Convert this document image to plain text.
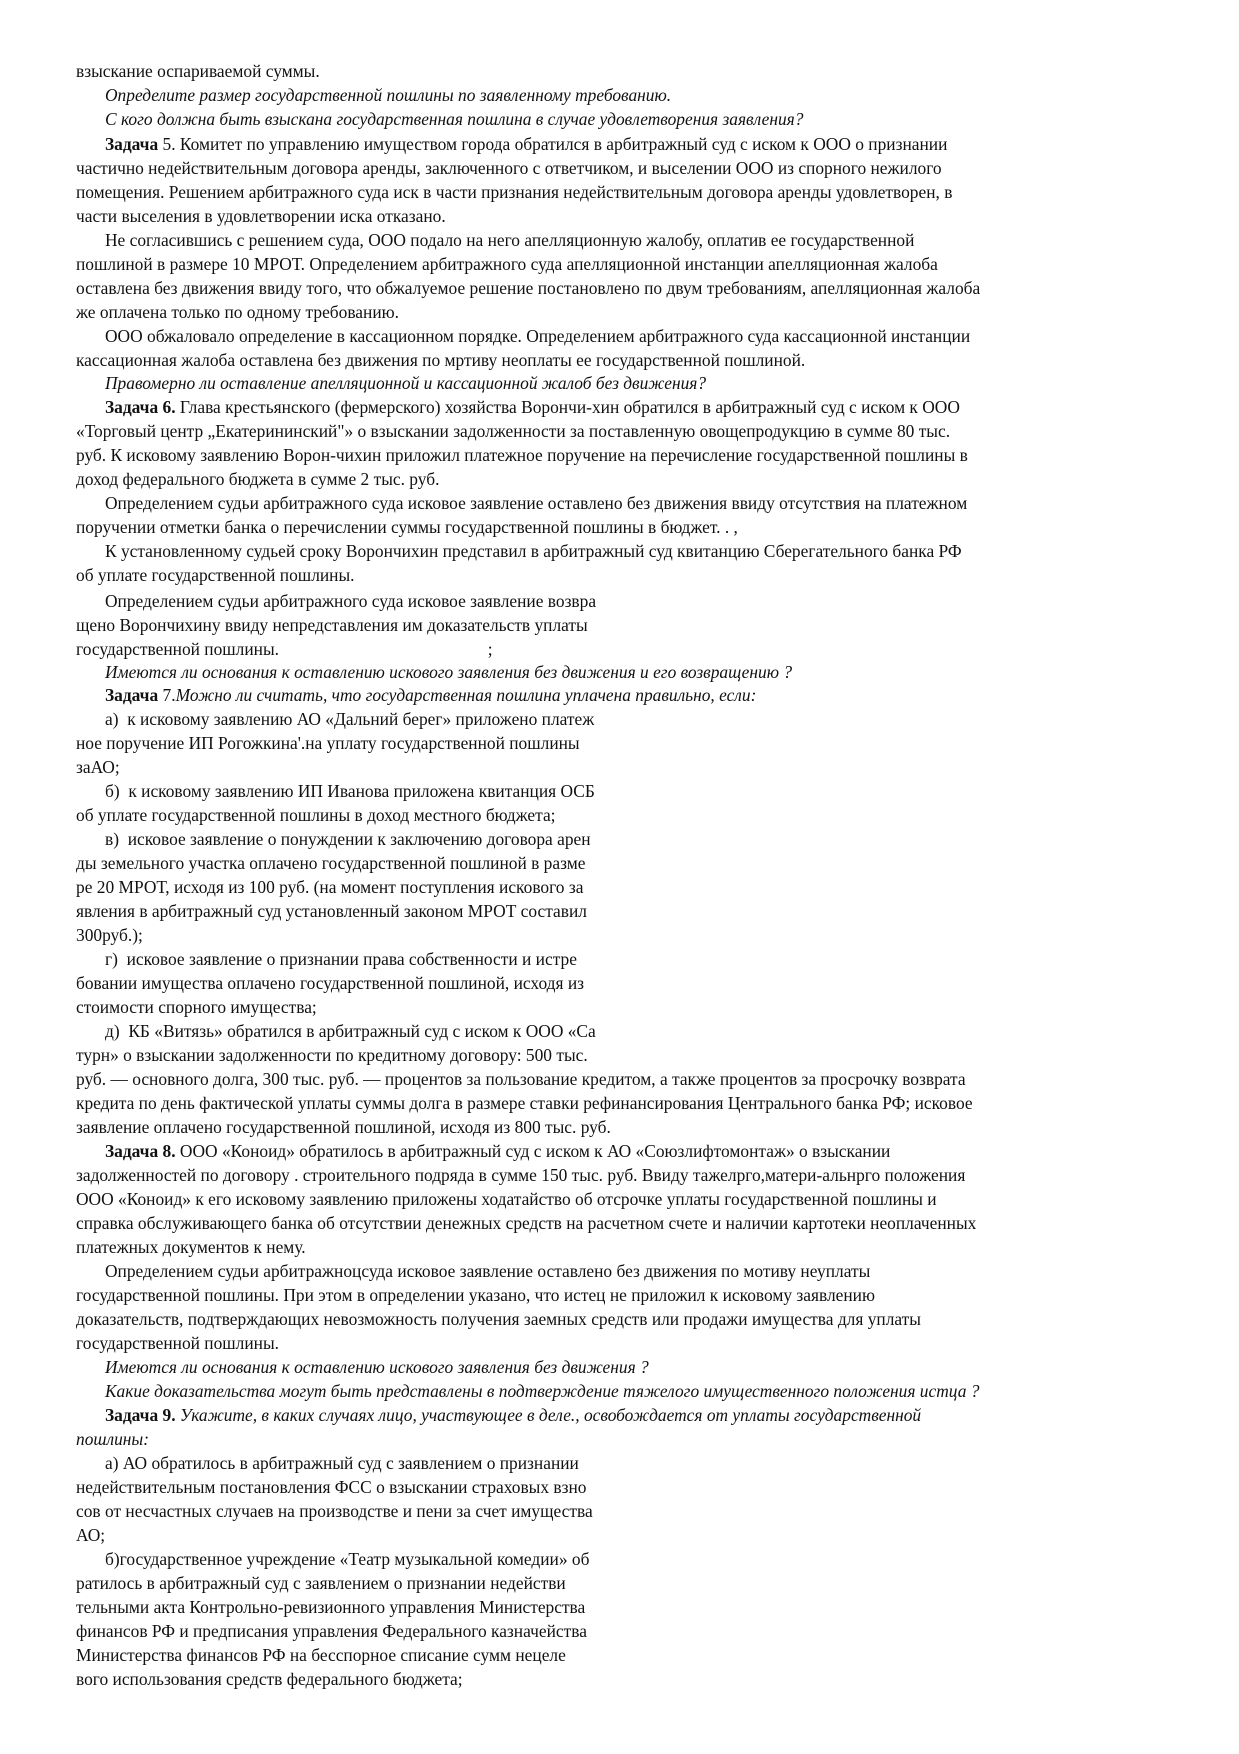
взыскание оспариваемой суммы.
Определите размер государственной пошлины по заявленному требованию.
С кого должна быть взыскана государственная пошлина в случае удовлетворения заявления?
Задача 5. Комитет по управлению имуществом города обратился в арбитражный суд с иском к ООО о признании
частично недействительным договора аренды, заключенного с ответчиком, и выселении ООО из спорного нежилого
помещения. Решением арбитражного суда иск в части признания недействительным договора аренды удовлетворен, в
части выселения в удовлетворении иска отказано.
Не согласившись с решением суда, ООО подало на него апелляционную жалобу, оплатив ее государственной
пошлиной в размере 10 МРОТ. Определением арбитражного суда апелляционной инстанции апелляционная жалоба
оставлена без движения ввиду того, что обжалуемое решение постановлено по двум требованиям, апелляционная жалоба
же оплачена только по одному требованию.
ООО обжаловало определение в кассационном порядке. Определением арбитражного суда кассационной инстанции
кассационная жалоба оставлена без движения по мртиву неоплаты ее государственной пошлиной.
Правомерно ли оставление апелляционной и кассационной жалоб без движения?
Задача 6. Глава крестьянского (фермерского) хозяйства Ворончи-хин обратился в арбитражный суд с иском к ООО
«Торговый центр „Екатерининский"» о взыскании задолженности за поставленную овощепродукцию в сумме 80 тыс.
руб. К исковому заявлению Ворон-чихин приложил платежное поручение на перечисление государственной пошлины в
доход федерального бюджета в сумме 2 тыс. руб.
Определением судьи арбитражного суда исковое заявление оставлено без движения ввиду отсутствия на платежном
поручении отметки банка о перечислении суммы государственной пошлины в бюджет. . ,
К установленному судьей сроку Ворончихин представил в арбитражный суд квитанцию Сберегательного банка РФ
об уплате государственной пошлины.
Определением судьи арбитражного суда исковое заявление возвра
щено Ворончихину ввиду непредставления им доказательств уплаты
государственной пошлины.                                                ;
Имеются ли основания к оставлению искового заявления без движения и его возвращению ?
Задача 7.Можно ли считать, что государственная пошлина уплачена правильно, если:
а)  к исковому заявлению АО «Дальний берег» приложено платеж
ное поручение ИП Рогожкина'.на уплату государственной пошлины
заАО;
б)  к исковому заявлению ИП Иванова приложена квитанция ОСБ
об уплате государственной пошлины в доход местного бюджета;
в)  исковое заявление о понуждении к заключению договора арен
ды земельного участка оплачено государственной пошлиной в разме
ре 20 МРОТ, исходя из 100 руб. (на момент поступления искового за
явления в арбитражный суд установленный законом МРОТ составил
300руб.);
г)  исковое заявление о признании права собственности и истре
бовании имущества оплачено государственной пошлиной, исходя из
стоимости спорного имущества;
д)  КБ «Витязь» обратился в арбитражный суд с иском к ООО «Са
турн» о взыскании задолженности по кредитному договору: 500 тыс.
руб. — основного долга, 300 тыс. руб. — процентов за пользование кредитом, а также процентов за просрочку возврата
кредита по день фактической уплаты суммы долга в размере ставки рефинансирования Центрального банка РФ; исковое
заявление оплачено государственной пошлиной, исходя из 800 тыс. руб.
Задача 8. ООО «Коноид» обратилось в арбитражный суд с иском к АО «Союзлифтомонтаж» о взыскании
задолженностей по договору . строительного подряда в сумме 150 тыс. руб. Ввиду тажелрго,матери-альнрго положения
ООО «Коноид» к его исковому заявлению приложены ходатайство об отсрочке уплаты государственной пошлины и
справка обслуживающего банка об отсутствии денежных средств на расчетном счете и наличии картотеки неоплаченных
платежных документов к нему.
Определением судьи арбитражноцсуда исковое заявление оставлено без движения по мотиву неуплаты
государственной пошлины. При этом в определении указано, что истец не приложил к исковому заявлению
доказательств, подтверждающих невозможность получения заемных средств или продажи имущества для уплаты
государственной пошлины.
Имеются ли основания к оставлению искового заявления без движения ?
Какие доказательства могут быть представлены в подтверждение тяжелого имущественного положения истца ?
Задача 9. Укажите, в каких случаях лицо, участвующее в деле., освобождается от уплаты государственной
пошлины:
а) АО обратилось в арбитражный суд с заявлением о признании
недействительным постановления ФСС о взыскании страховых взно
сов от несчастных случаев на производстве и пени за счет имущества
АО;
б)государственное учреждение «Театр музыкальной комедии» об
ратилось в арбитражный суд с заявлением о признании недействи
тельными акта Контрольно-ревизионного управления Министерства
финансов РФ и предписания управления Федерального казначейства
Министерства финансов РФ на бесспорное списание сумм нецеле
вого использования средств федерального бюджета;
